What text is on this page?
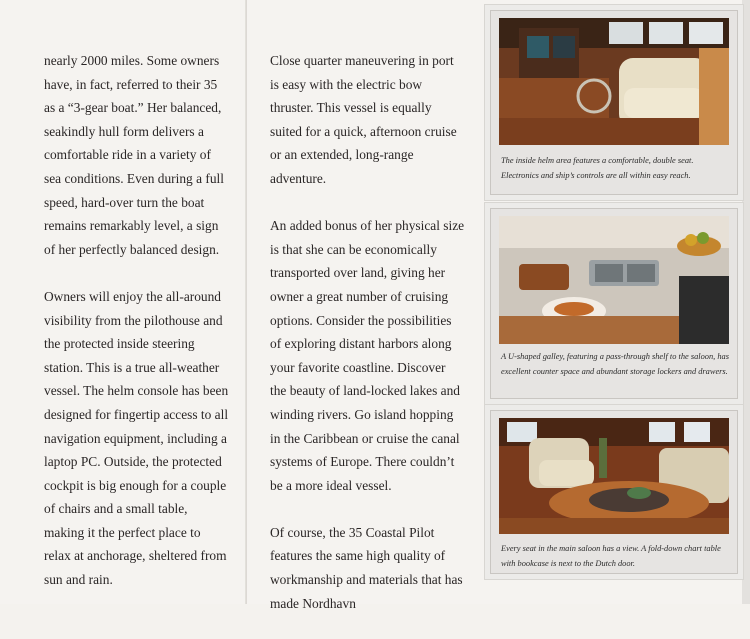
nearly 2000 miles. Some owners have, in fact, referred to their 35 as a “3-gear boat.” Her balanced, seakindly hull form delivers a comfortable ride in a variety of sea conditions. Even during a full speed, hard-over turn the boat remains remarkably level, a sign of her perfectly balanced design.

Owners will enjoy the all-around visibility from the pilothouse and the protected inside steering station. This is a true all-weather vessel. The helm console has been designed for fingertip access to all navigation equipment, including a laptop PC. Outside, the protected cockpit is big enough for a couple of chairs and a small table, making it the perfect place to relax at anchorage, sheltered from sun and rain.

Close quarter maneuvering in port is easy with the electric bow thruster. This vessel is equally suited for a quick, afternoon cruise or an extended, long-range adventure.

An added bonus of her physical size is that she can be economically transported over land, giving her owner a great number of cruising options. Consider the possibilities of exploring distant harbors along your favorite coastline. Discover the beauty of land-locked lakes and winding rivers. Go island hopping in the Caribbean or cruise the canal systems of Europe. There couldn’t be a more ideal vessel.

Of course, the 35 Coastal Pilot features the same high quality of workmanship and materials that has made Nordhavn

The inside helm area features a comfortable, double seat. Electronics and ship’s controls are all within easy reach.
A U-shaped galley, featuring a pass-through shelf to the saloon, has excellent counter space and abundant storage lockers and drawers.
Every seat in the main saloon has a view. A fold-down chart table with bookcase is next to the Dutch door.
